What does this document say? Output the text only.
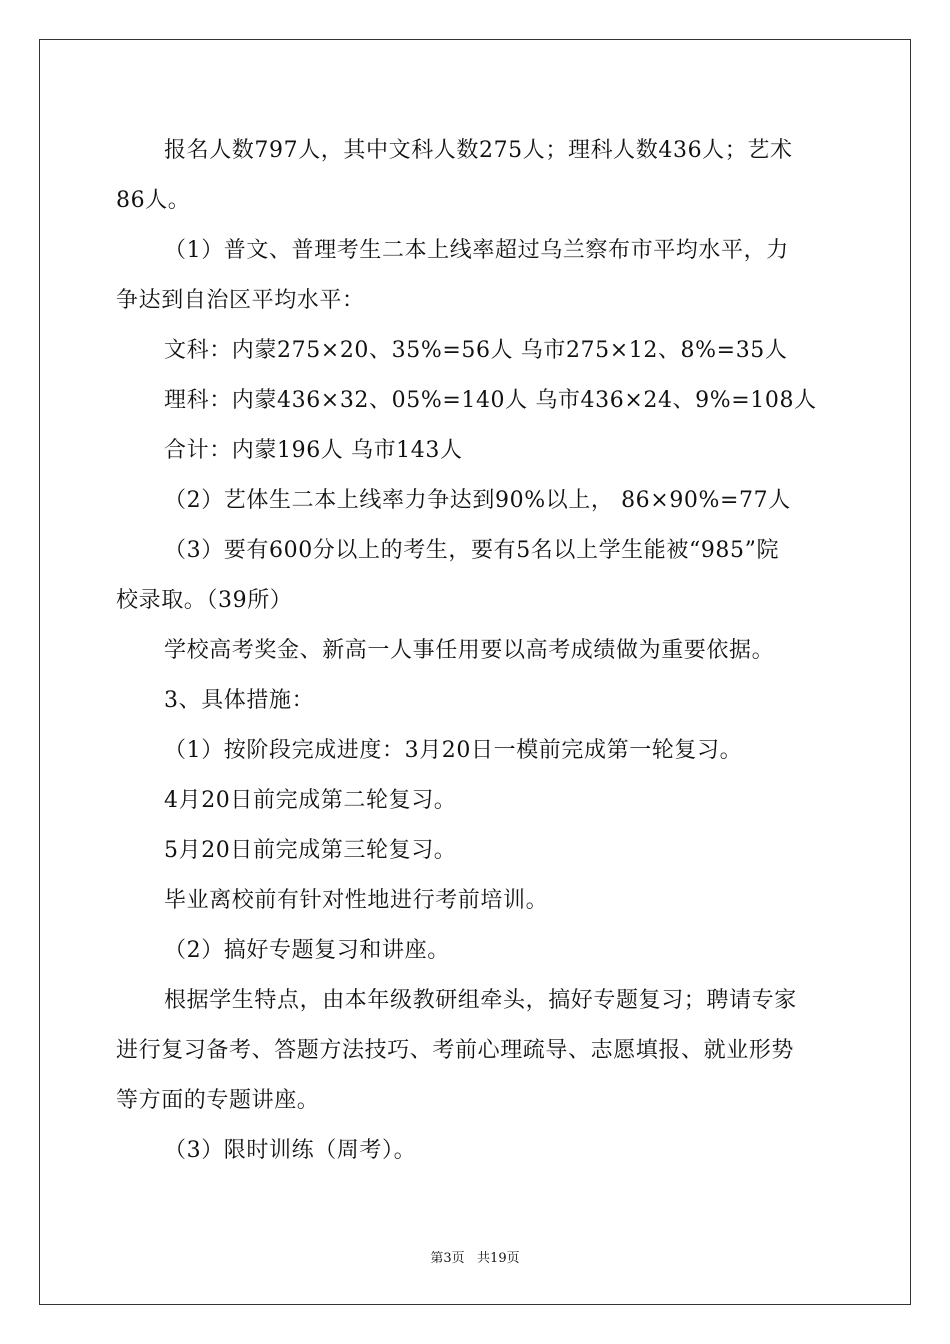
报名人数797人，其中文科人数275人；理科人数436人；艺术
86人。
（1）普文、普理考生二本上线率超过乌兰察布市平均水平，力
争达到自治区平均水平：
文科：内蒙275×20、35%=56人 乌市275×12、8%=35人
理科：内蒙436×32、05%=140人 乌市436×24、9%=108人
合计：内蒙196人 乌市143人
（2）艺体生二本上线率力争达到90%以上， 86×90%=77人
（3）要有600分以上的考生，要有5名以上学生能被“985”院
校录取。（39所）
学校高考奖金、新高一人事任用要以高考成绩做为重要依据。
3、具体措施：
（1）按阶段完成进度：3月20日一模前完成第一轮复习。
4月20日前完成第二轮复习。
5月20日前完成第三轮复习。
毕业离校前有针对性地进行考前培训。
（2）搞好专题复习和讲座。
根据学生特点，由本年级教研组牵头，搞好专题复习；聘请专家
进行复习备考、答题方法技巧、考前心理疏导、志愿填报、就业形势
等方面的专题讲座。
（3）限时训练（周考）。
第3页   共19页
